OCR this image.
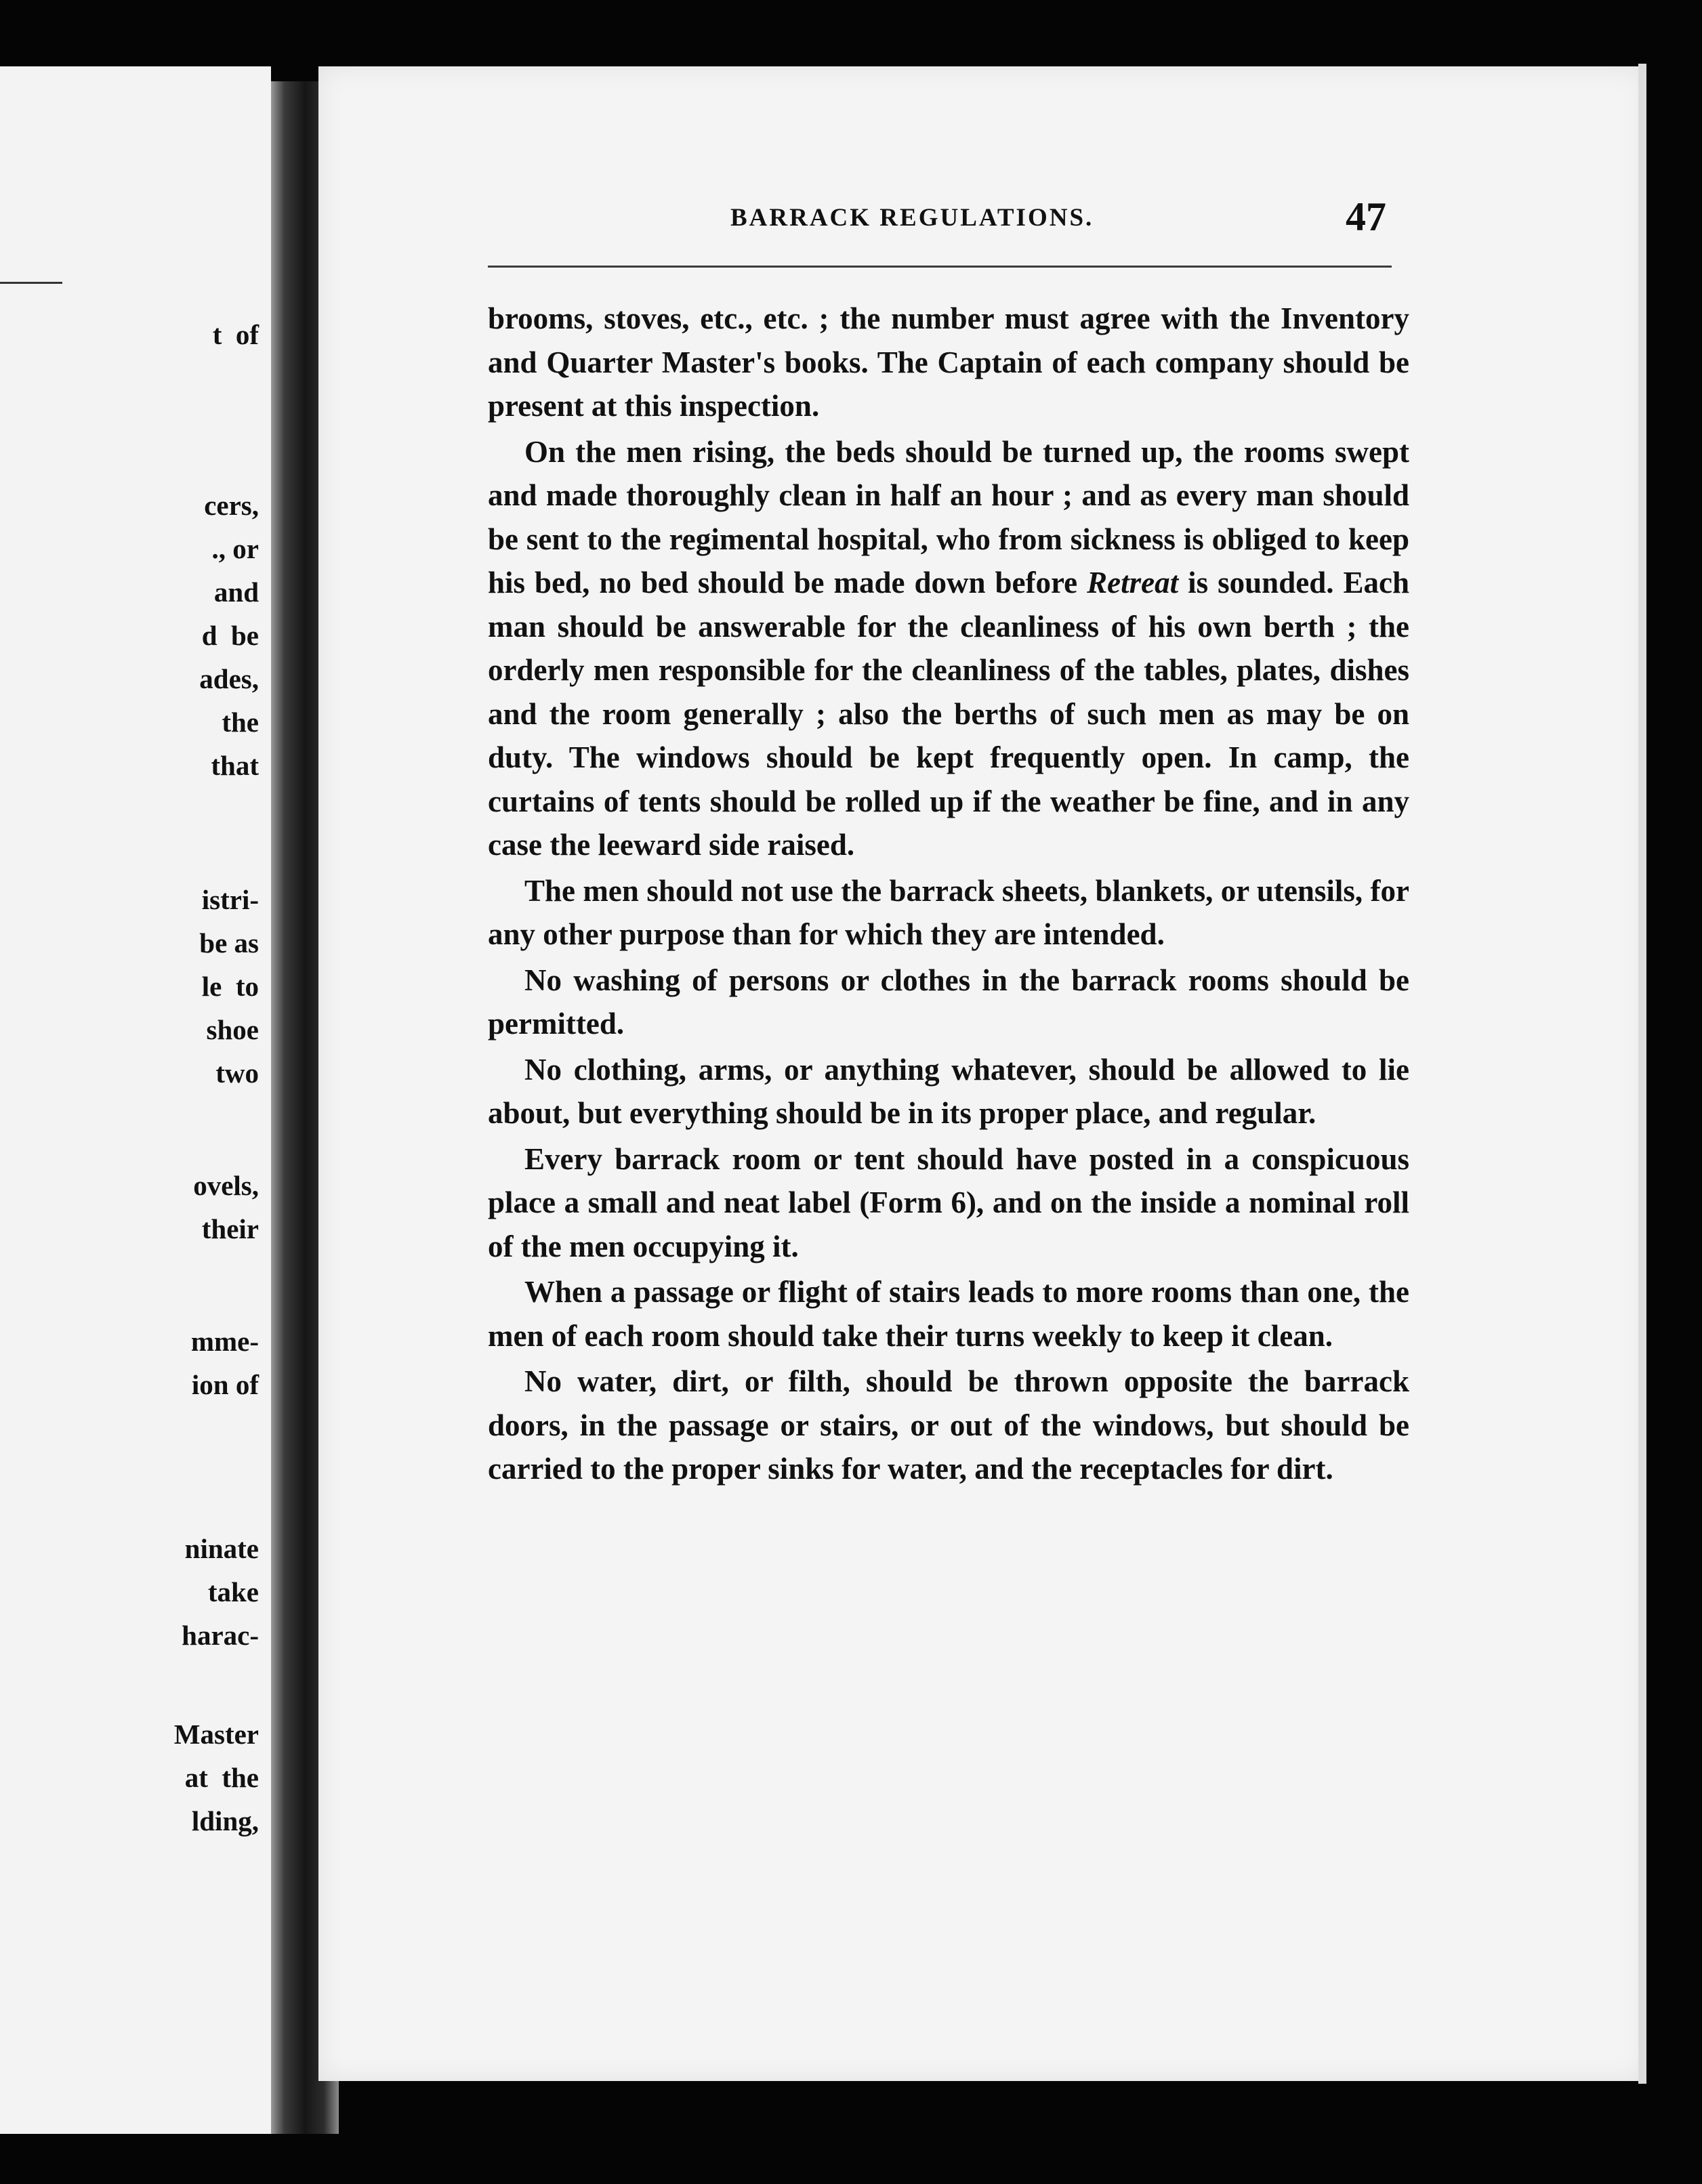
t  of
cers,
., or
and
d  be
ades,
the
that
istri-
be as
le  to
shoe
two
ovels,
their
mme-
ion of
ninate
take
harac-
Master
at  the
lding,
BARRACK REGULATIONS.	47

brooms, stoves, etc., etc. ; the number must agree with the Inventory and Quarter Master's books. The Captain of each company should be present at this inspection.

On the men rising, the beds should be turned up, the rooms swept and made thoroughly clean in half an hour ; and as every man should be sent to the regimental hospital, who from sickness is obliged to keep his bed, no bed should be made down before Retreat is sounded. Each man should be answerable for the cleanliness of his own berth ; the orderly men responsible for the cleanliness of the tables, plates, dishes and the room generally ; also the berths of such men as may be on duty. The windows should be kept frequently open. In camp, the curtains of tents should be rolled up if the weather be fine, and in any case the leeward side raised.

The men should not use the barrack sheets, blankets, or utensils, for any other purpose than for which they are intended.

No washing of persons or clothes in the barrack rooms should be permitted.

No clothing, arms, or anything whatever, should be allowed to lie about, but everything should be in its proper place, and regular.

Every barrack room or tent should have posted in a conspicuous place a small and neat label (Form 6), and on the inside a nominal roll of the men occupying it.

When a passage or flight of stairs leads to more rooms than one, the men of each room should take their turns weekly to keep it clean.

No water, dirt, or filth, should be thrown opposite the barrack doors, in the passage or stairs, or out of the windows, but should be carried to the proper sinks for water, and the receptacles for dirt.
